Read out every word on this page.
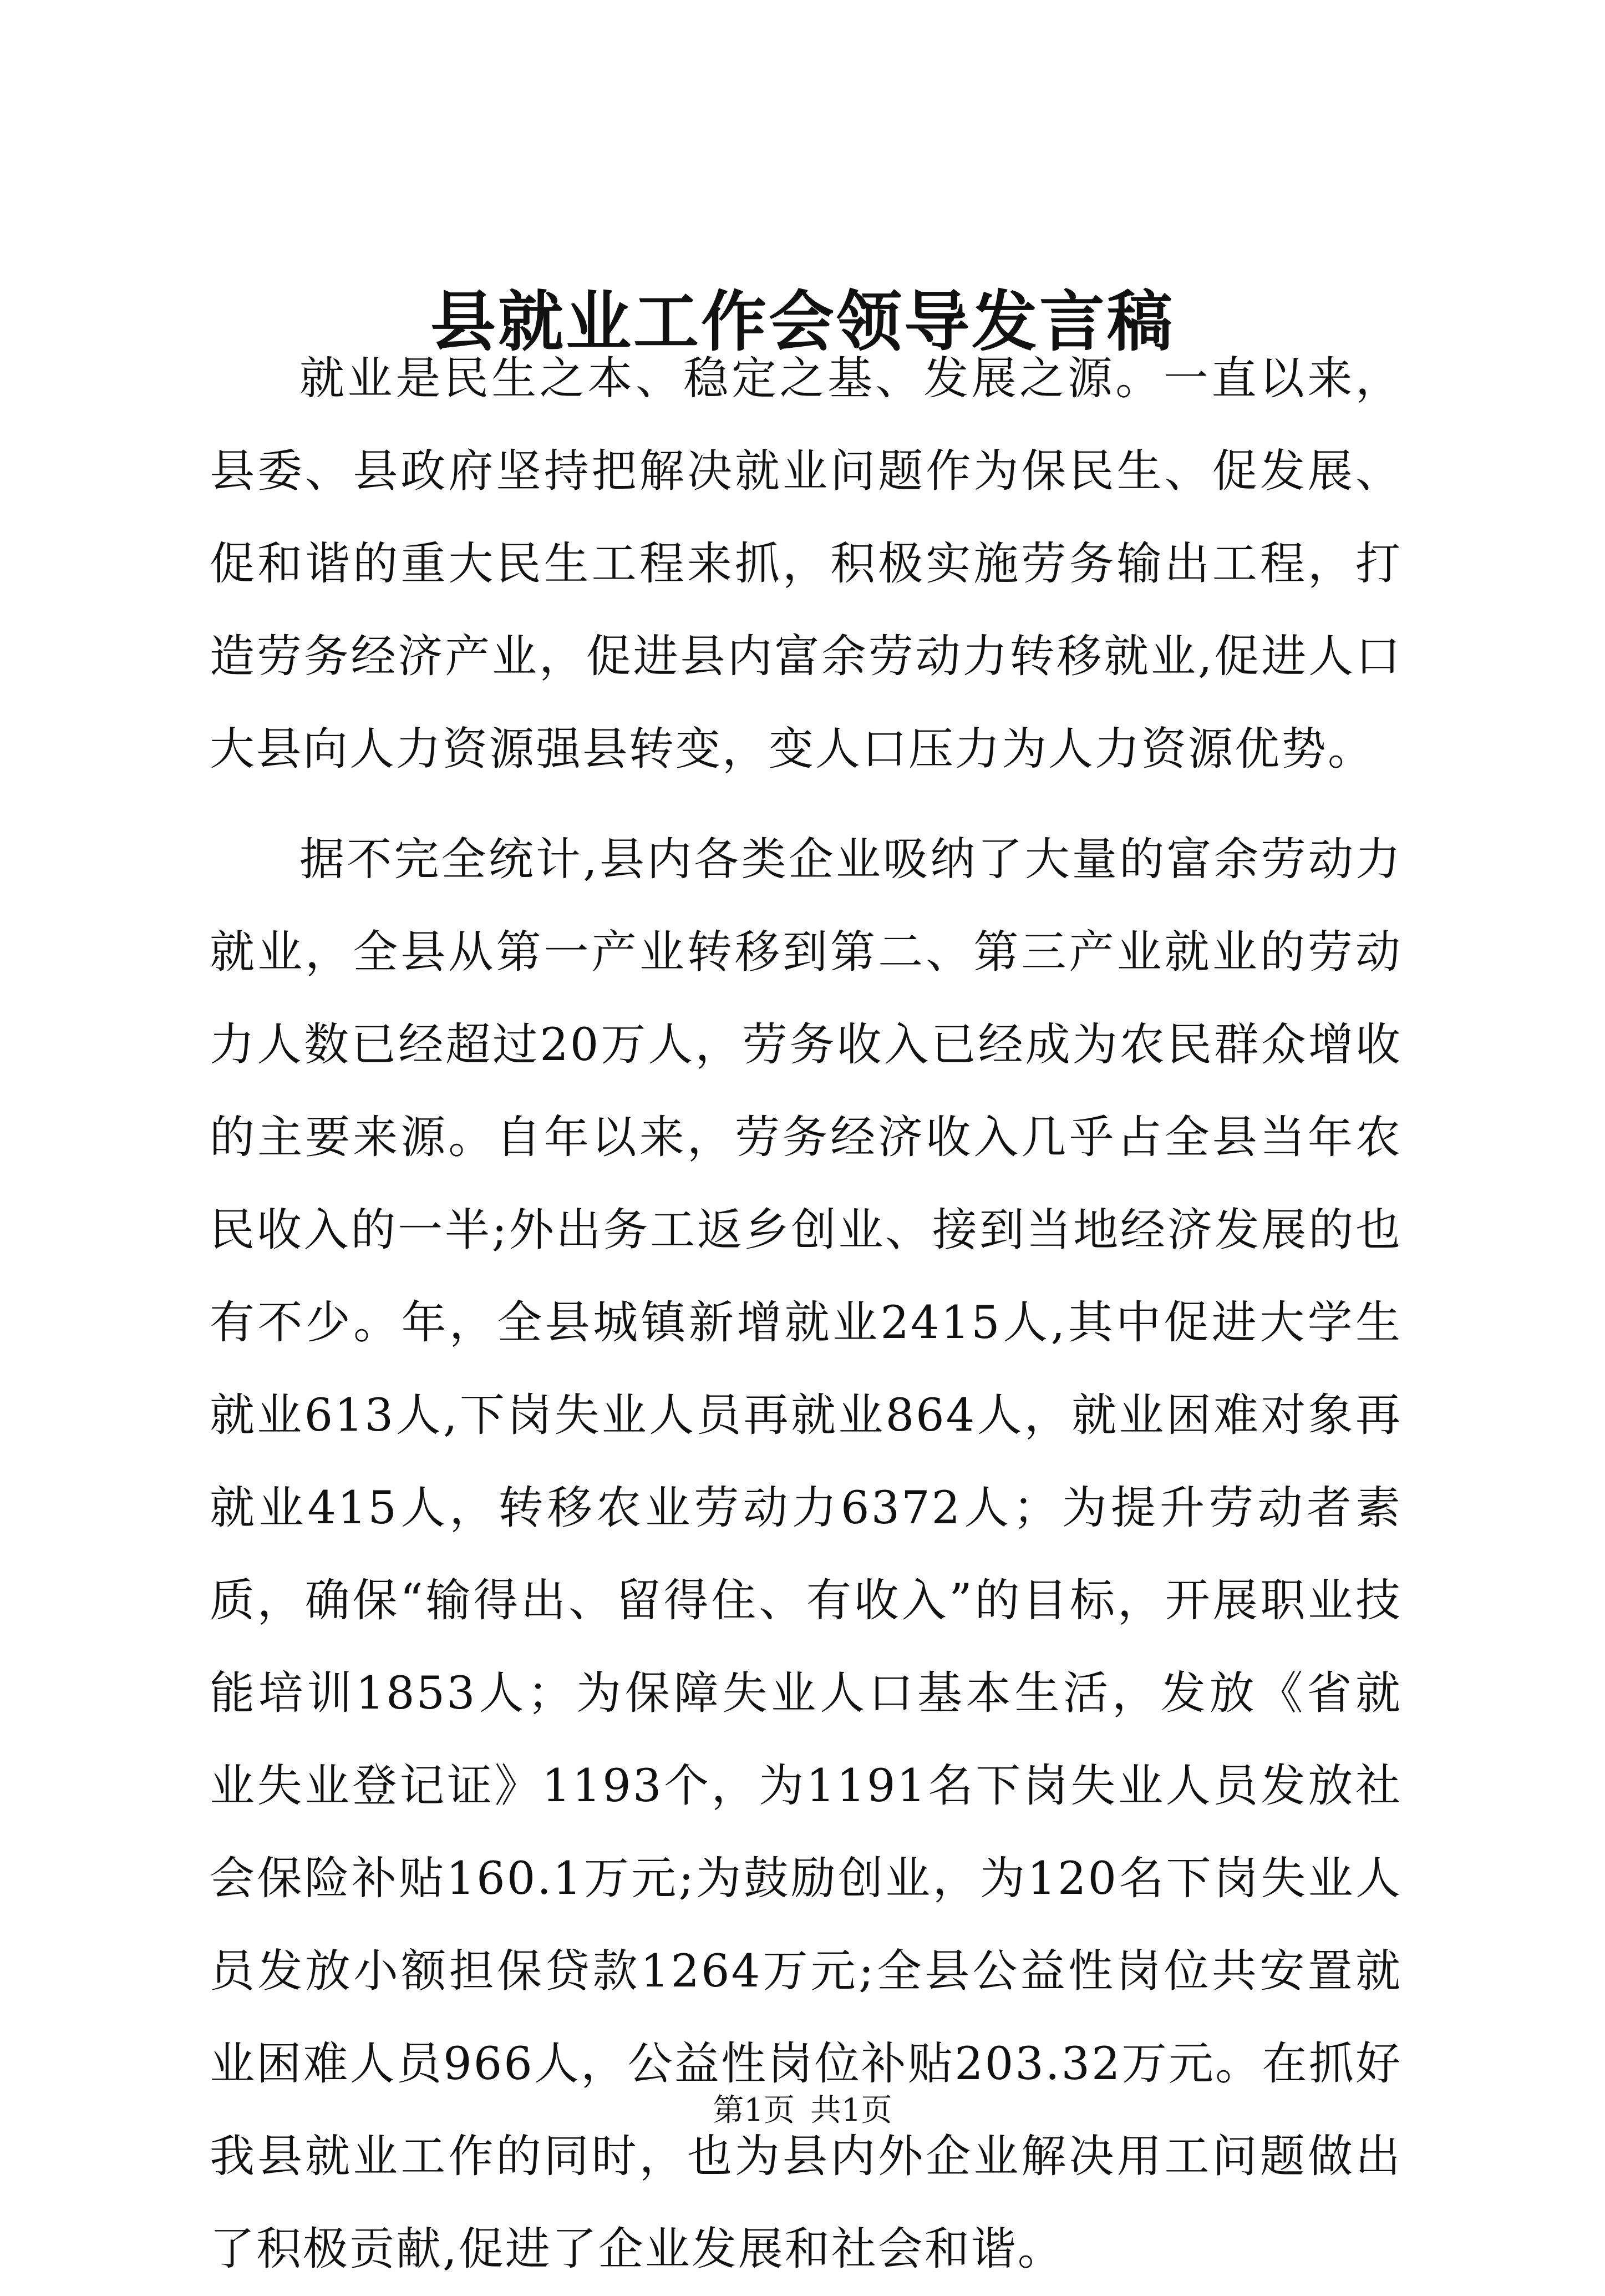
县就业工作会领导发言稿

就业是民生之本、稳定之基、发展之源。一直以来，县委、县政府坚持把解决就业问题作为保民生、促发展、促和谐的重大民生工程来抓，积极实施劳务输出工程，打造劳务经济产业，促进县内富余劳动力转移就业,促进人口大县向人力资源强县转变，变人口压力为人力资源优势。

据不完全统计,县内各类企业吸纳了大量的富余劳动力就业，全县从第一产业转移到第二、第三产业就业的劳动力人数已经超过20万人，劳务收入已经成为农民群众增收的主要来源。自年以来，劳务经济收入几乎占全县当年农民收入的一半;外出务工返乡创业、接到当地经济发展的也有不少。年，全县城镇新增就业2415人,其中促进大学生就业613人,下岗失业人员再就业864人，就业困难对象再就业415人，转移农业劳动力6372人；为提升劳动者素质，确保“输得出、留得住、有收入”的目标，开展职业技能培训1853人；为保障失业人口基本生活，发放《省就业失业登记证》1193个，为1191名下岗失业人员发放社会保险补贴160.1万元;为鼓励创业，为120名下岗失业人员发放小额担保贷款1264万元;全县公益性岗位共安置就业困难人员966人，公益性岗位补贴203.32万元。在抓好我县就业工作的同时，也为县内外企业解决用工问题做出了积极贡献,促进了企业发展和社会和谐。

第1页 共1页
